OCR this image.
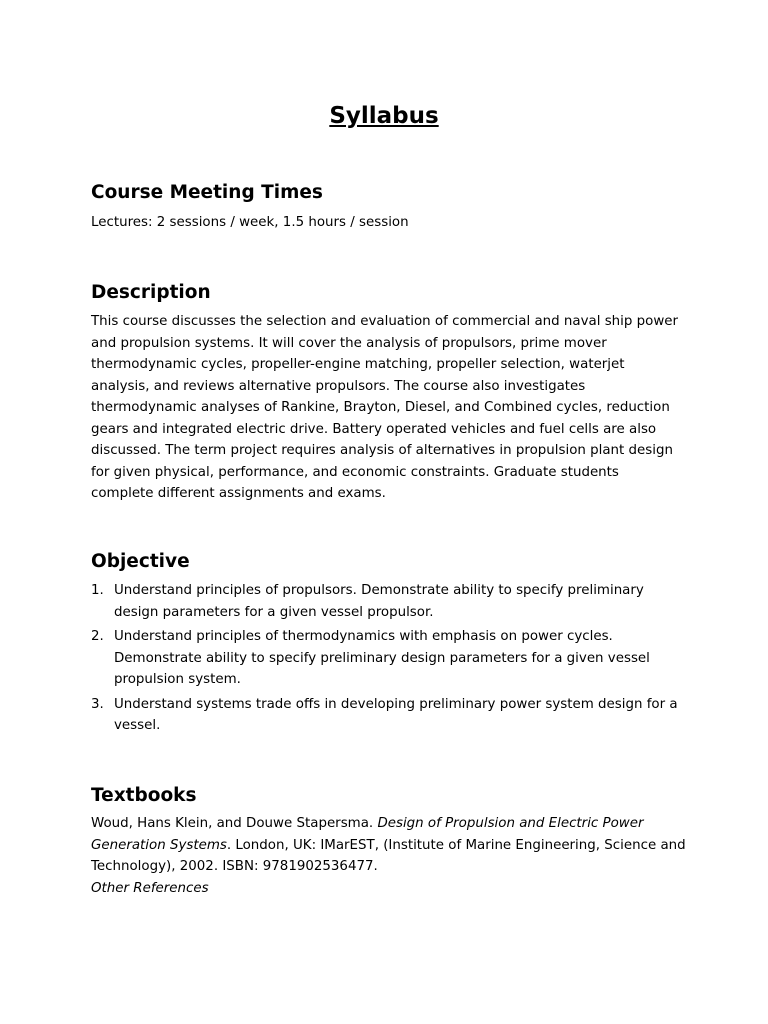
Syllabus
Course Meeting Times
Lectures: 2 sessions / week, 1.5 hours / session
Description
This course discusses the selection and evaluation of commercial and naval ship power and propulsion systems. It will cover the analysis of propulsors, prime mover thermodynamic cycles, propeller-engine matching, propeller selection, waterjet analysis, and reviews alternative propulsors. The course also investigates thermodynamic analyses of Rankine, Brayton, Diesel, and Combined cycles, reduction gears and integrated electric drive. Battery operated vehicles and fuel cells are also discussed. The term project requires analysis of alternatives in propulsion plant design for given physical, performance, and economic constraints. Graduate students complete different assignments and exams.
Objective
1. Understand principles of propulsors. Demonstrate ability to specify preliminary design parameters for a given vessel propulsor.
2. Understand principles of thermodynamics with emphasis on power cycles. Demonstrate ability to specify preliminary design parameters for a given vessel propulsion system.
3. Understand systems trade offs in developing preliminary power system design for a vessel.
Textbooks
Woud, Hans Klein, and Douwe Stapersma. Design of Propulsion and Electric Power Generation Systems. London, UK: IMarEST, (Institute of Marine Engineering, Science and Technology), 2002. ISBN: 9781902536477.
Other References
